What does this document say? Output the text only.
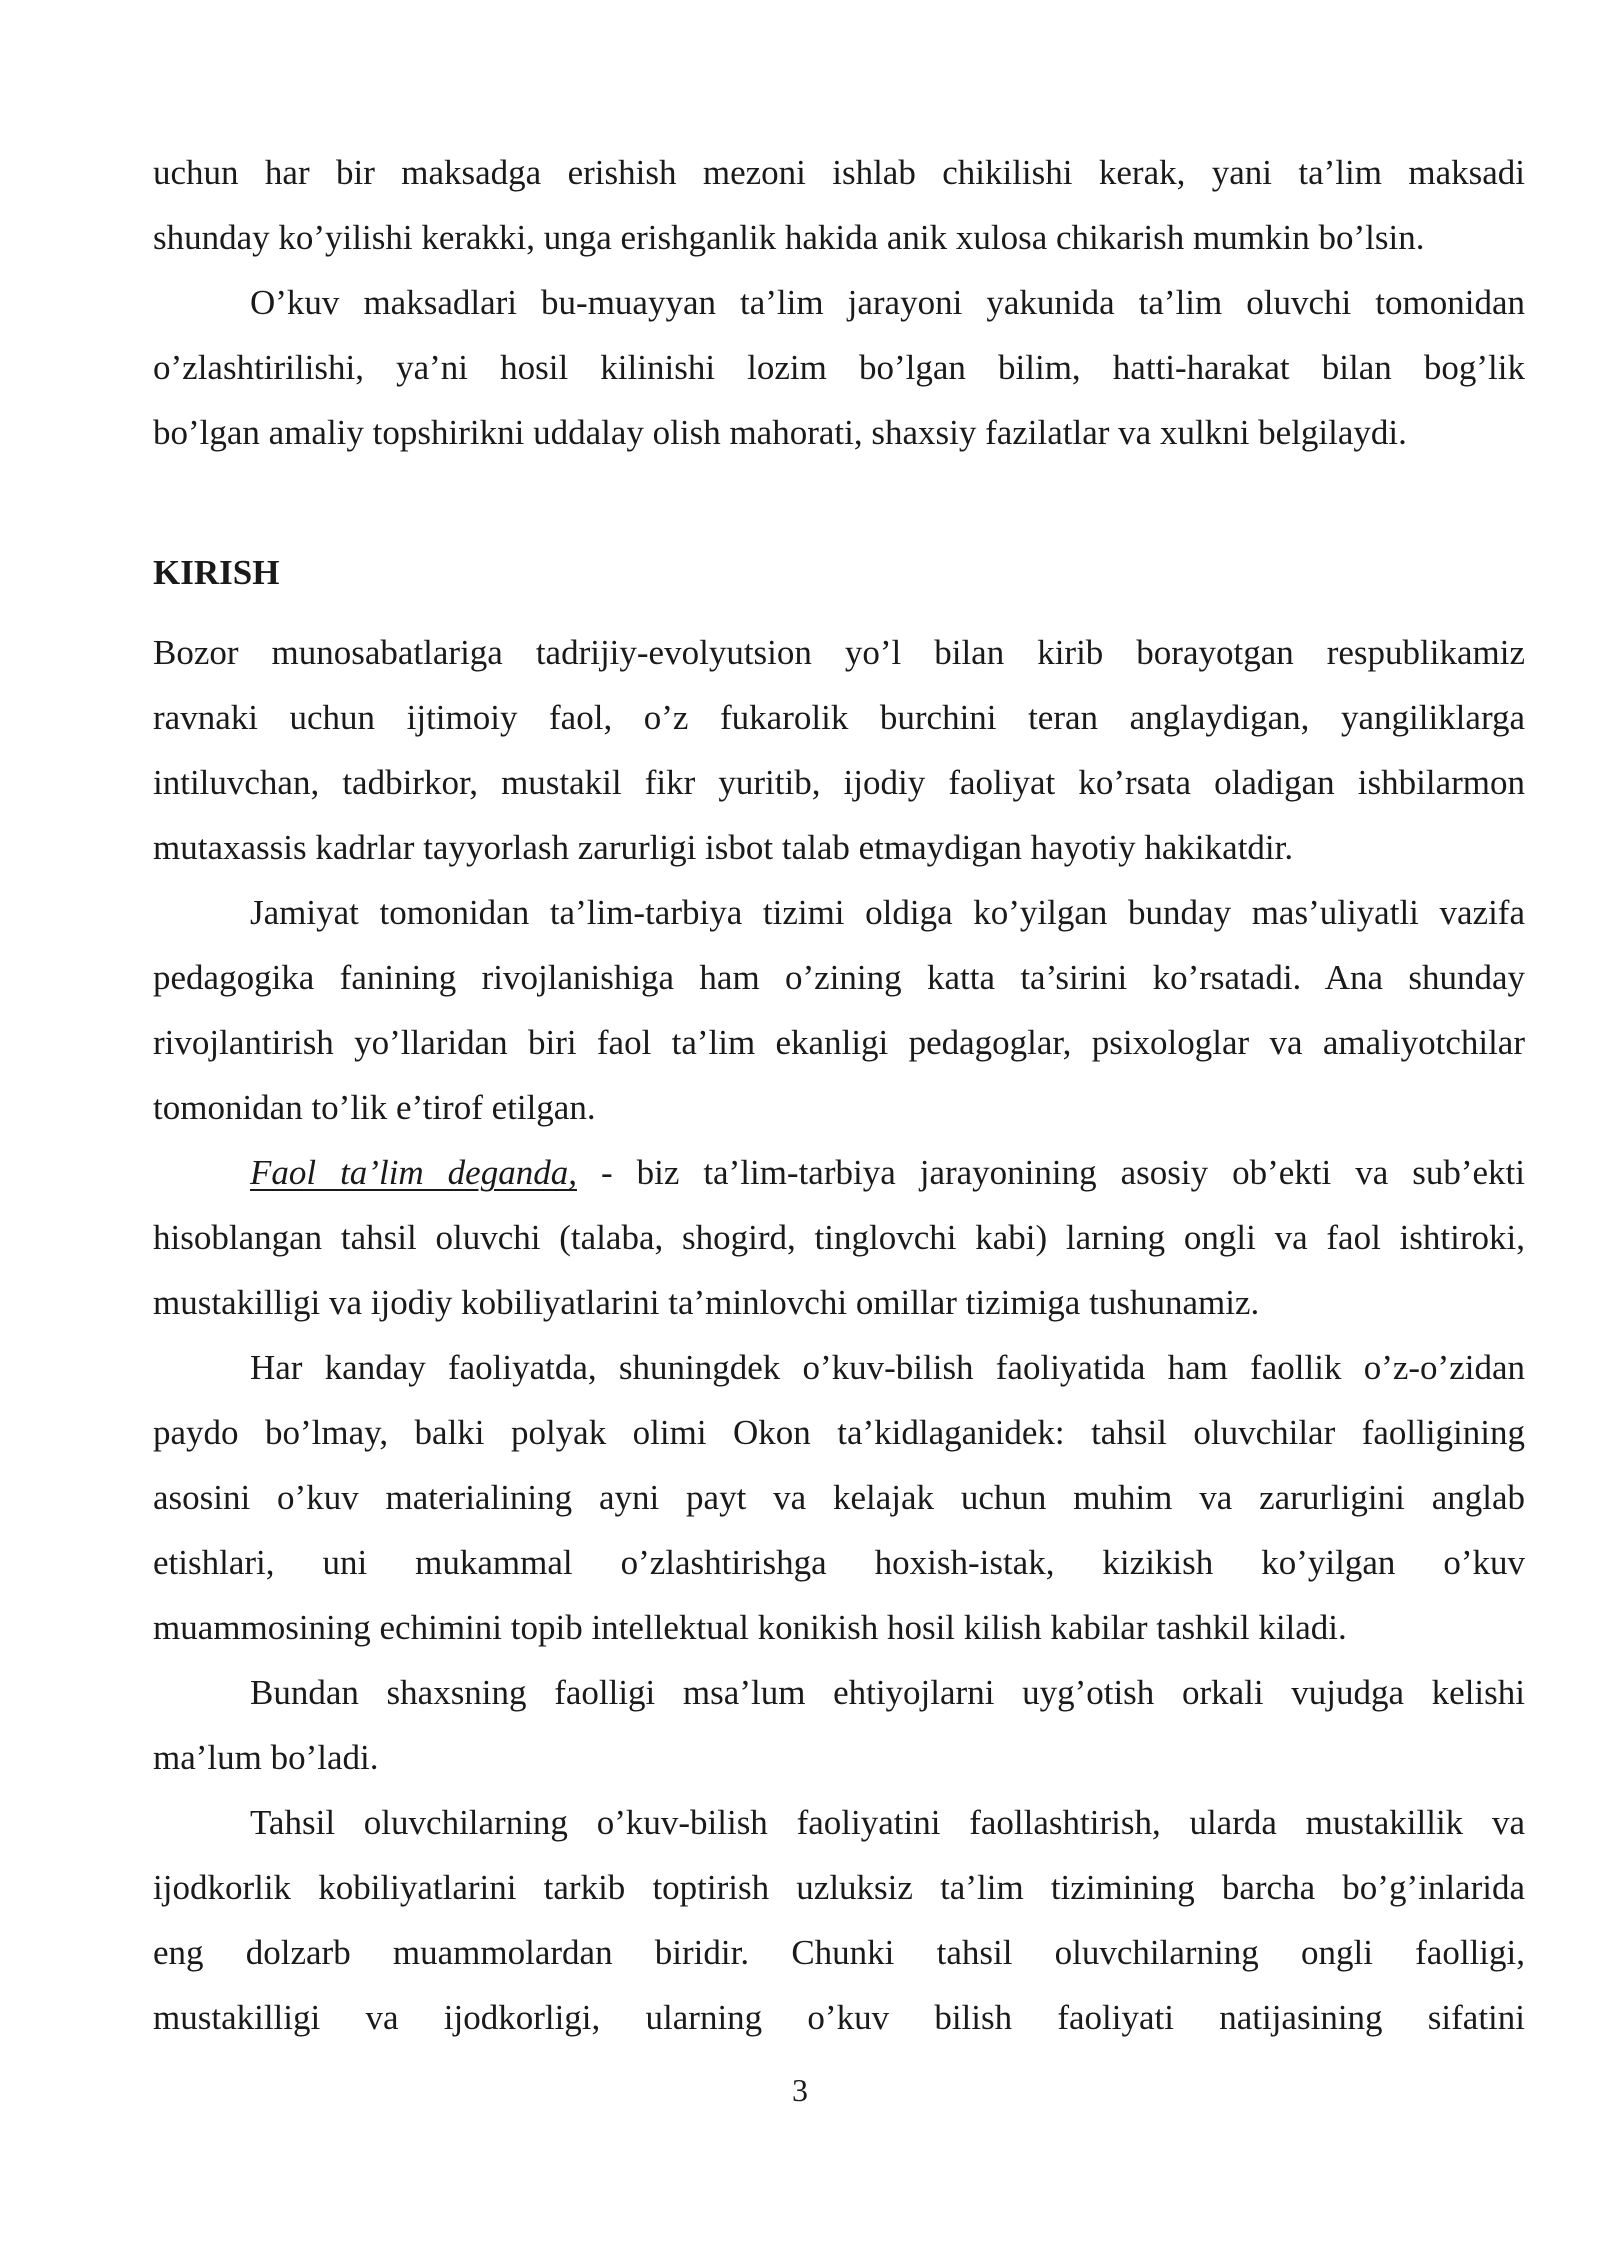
uchun har bir maksadga erishish mezoni ishlab chikilishi kerak, yani ta’lim maksadi
shunday ko’yilishi kerakki, unga erishganlik hakida anik xulosa chikarish mumkin bo’lsin.
O’kuv maksadlari bu-muayyan ta’lim jarayoni yakunida ta’lim oluvchi tomonidan
o’zlashtirilishi, ya’ni hosil kilinishi lozim bo’lgan bilim, hatti-harakat bilan bog’lik
bo’lgan amaliy topshirikni uddalay olish mahorati, shaxsiy fazilatlar va xulkni belgilaydi.
KIRISH
Bozor munosabatlariga tadrijiy-evolyutsion yo’l bilan kirib borayotgan respublikamiz
ravnaki uchun ijtimoiy faol, o’z fukarolik burchini teran anglaydigan, yangiliklarga
intiluvchan, tadbirkor, mustakil fikr yuritib, ijodiy faoliyat ko’rsata oladigan ishbilarmon
mutaxassis kadrlar tayyorlash zarurligi isbot talab etmaydigan hayotiy hakikatdir.
Jamiyat tomonidan ta’lim-tarbiya tizimi oldiga ko’yilgan bunday mas’uliyatli vazifa
pedagogika fanining rivojlanishiga ham o’zining katta ta’sirini ko’rsatadi. Ana shunday
rivojlantirish yo’llaridan biri faol ta’lim ekanligi pedagoglar, psixologlar va amaliyotchilar
tomonidan to’lik e’tirof etilgan.
Faol ta’lim deganda, - biz ta’lim-tarbiya jarayonining asosiy ob’ekti va sub’ekti
hisoblangan tahsil oluvchi (talaba, shogird, tinglovchi kabi) larning ongli va faol ishtiroki,
mustakilligi va ijodiy kobiliyatlarini ta’minlovchi omillar tizimiga tushunamiz.
Har kanday faoliyatda, shuningdek o’kuv-bilish faoliyatida ham faollik o’z-o’zidan
paydo bo’lmay, balki polyak olimi Okon ta’kidlaganidek: tahsil oluvchilar faolligining
asosini o’kuv materialining ayni payt va kelajak uchun muhim va zarurligini anglab
etishlari, uni mukammal o’zlashtirishga hoxish-istak, kizikish ko’yilgan o’kuv
muammosining echimini topib intellektual konikish hosil kilish kabilar tashkil kiladi.
Bundan shaxsning faolligi msa’lum ehtiyojlarni uyg’otish orkali vujudga kelishi
ma’lum bo’ladi.
Tahsil oluvchilarning o’kuv-bilish faoliyatini faollashtirish, ularda mustakillik va
ijodkorlik kobiliyatlarini tarkib toptirish uzluksiz ta’lim tizimining barcha bo’g’inlarida
eng dolzarb muammolardan biridir. Chunki tahsil oluvchilarning ongli faolligi,
mustakilligi va ijodkorligi, ularning o’kuv bilish faoliyati natijasining sifatini
3
